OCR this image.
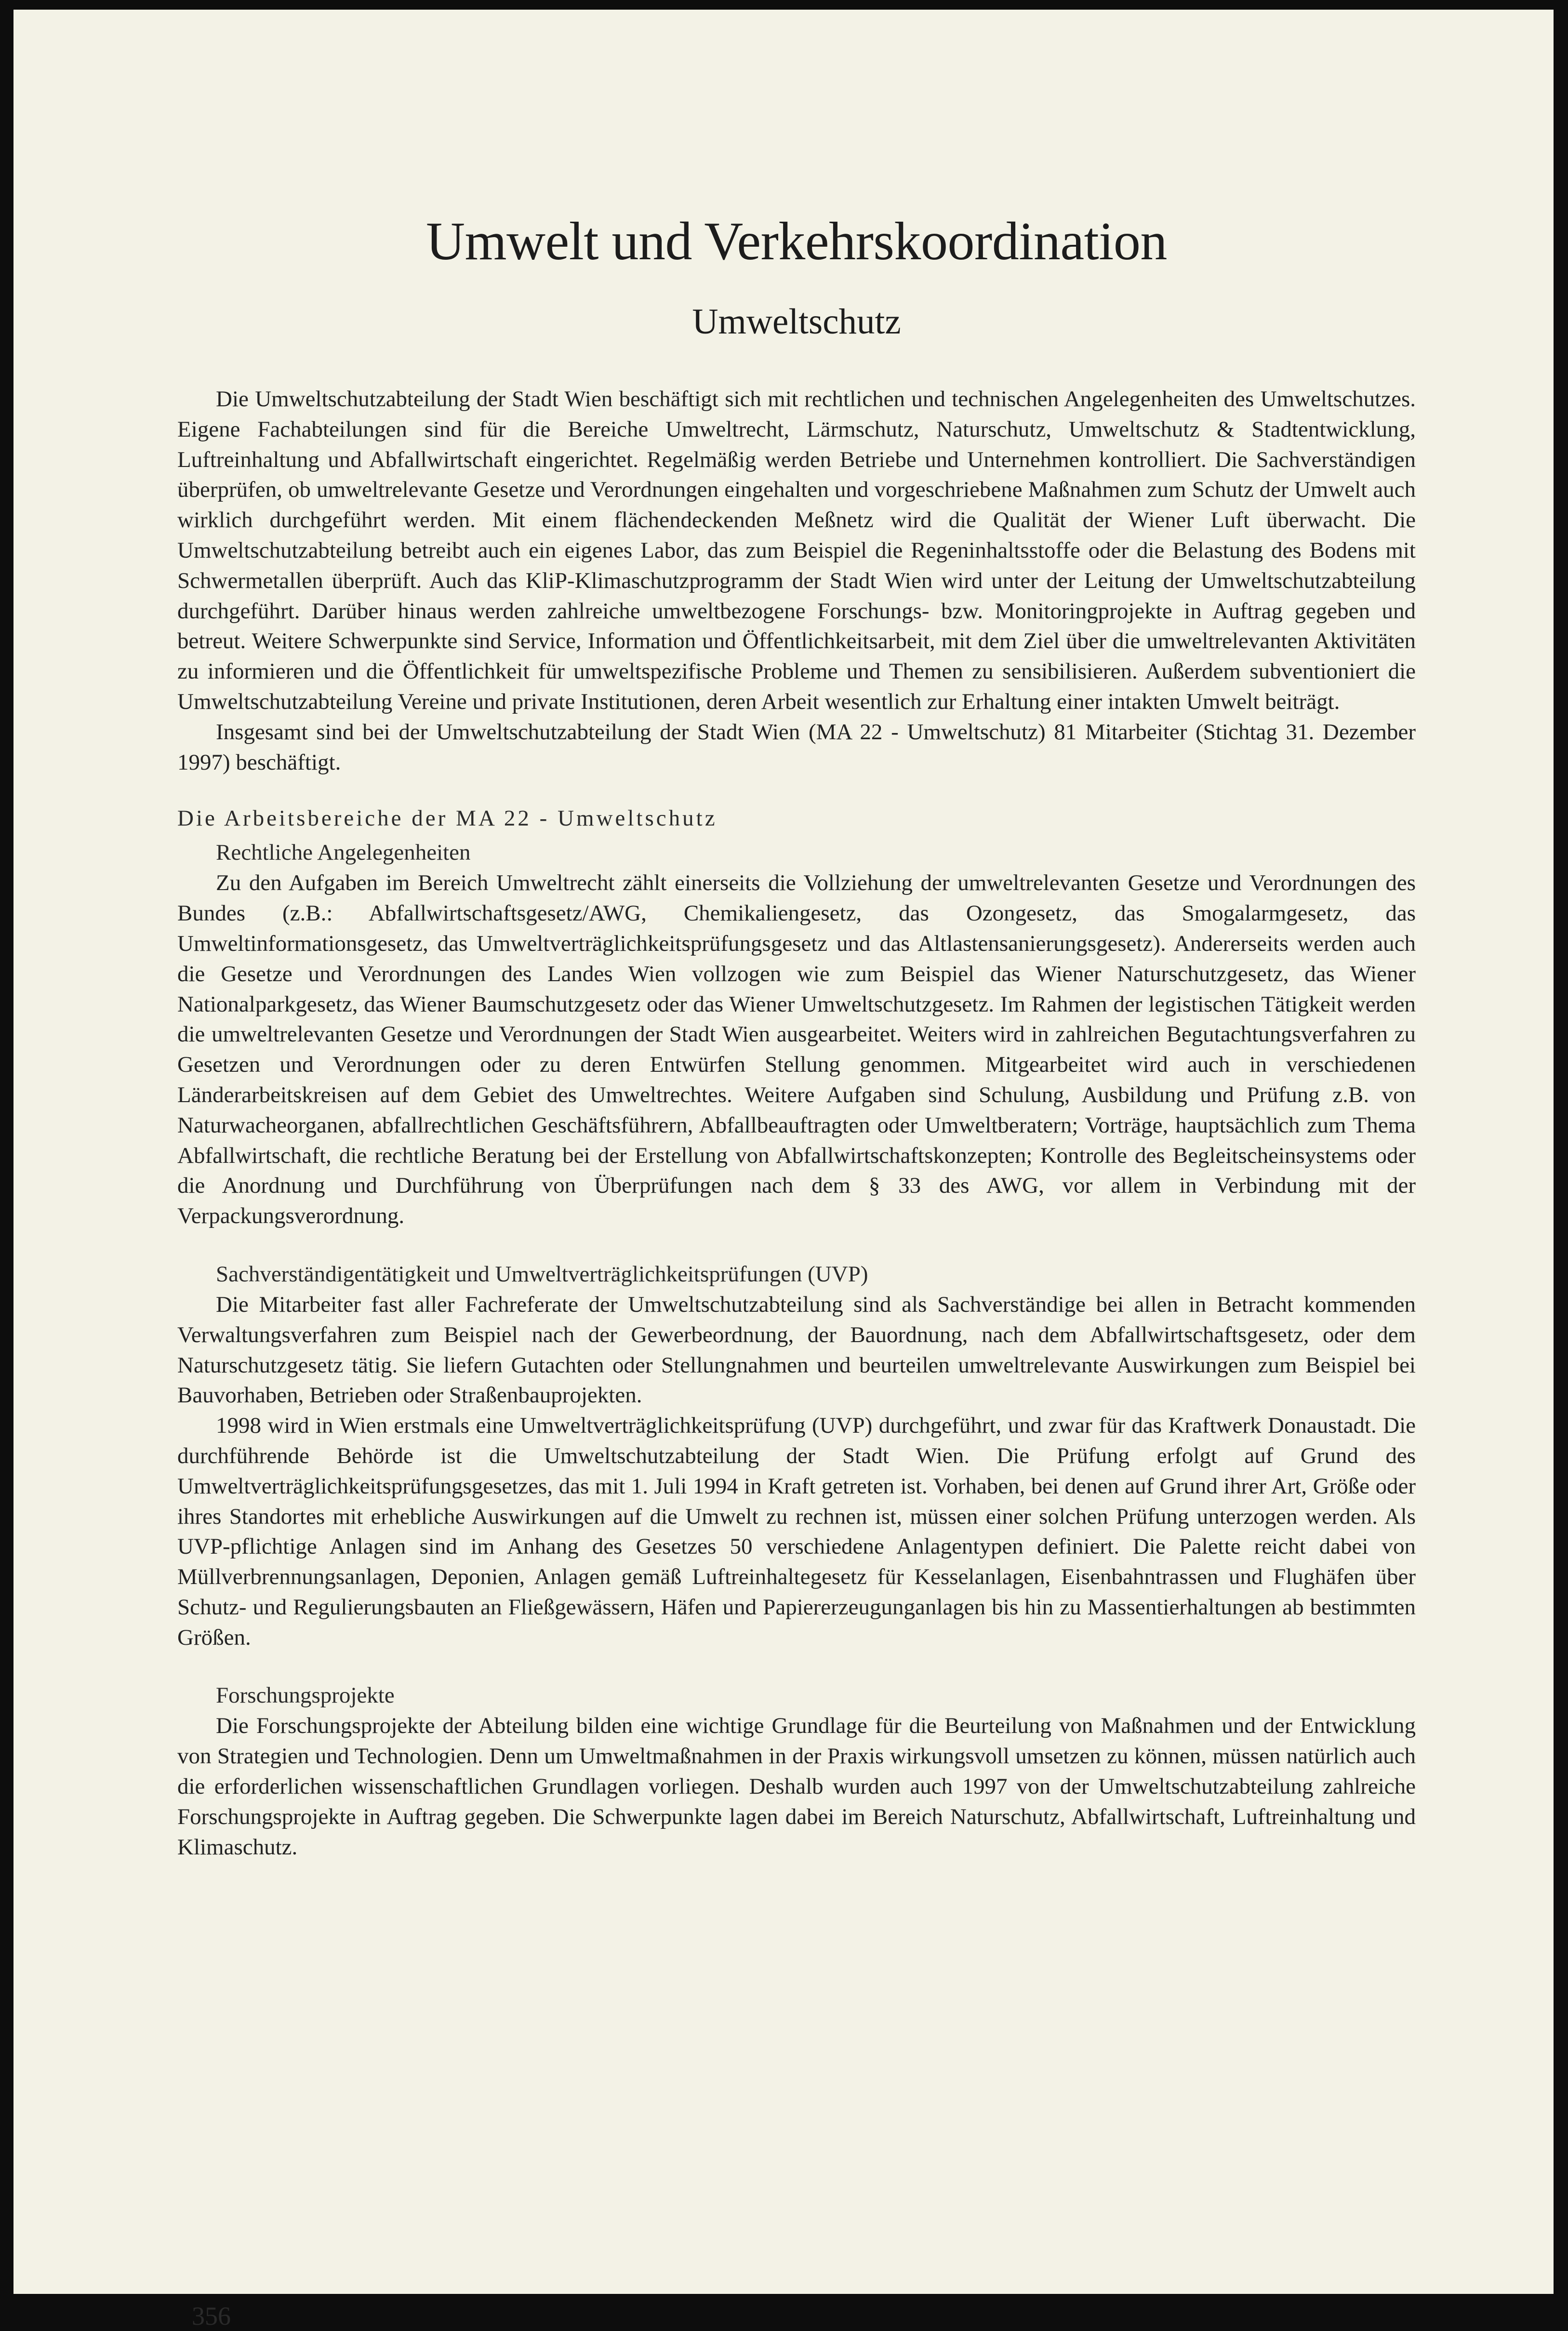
Umwelt und Verkehrskoordination
Umweltschutz

Die Umweltschutzabteilung der Stadt Wien beschäftigt sich mit rechtlichen und technischen Angelegenheiten des Umweltschutzes. Eigene Fachabteilungen sind für die Bereiche Umweltrecht, Lärmschutz, Naturschutz, Umweltschutz & Stadtentwicklung, Luftreinhaltung und Abfallwirtschaft eingerichtet. Regelmäßig werden Betriebe und Unternehmen kontrolliert. Die Sachverständigen überprüfen, ob umweltrelevante Gesetze und Verordnungen eingehalten und vorgeschriebene Maßnahmen zum Schutz der Umwelt auch wirklich durchgeführt werden. Mit einem flächendeckenden Meßnetz wird die Qualität der Wiener Luft überwacht. Die Umweltschutzabteilung betreibt auch ein eigenes Labor, das zum Beispiel die Regeninhaltsstoffe oder die Belastung des Bodens mit Schwermetallen überprüft. Auch das KliP-Klimaschutzprogramm der Stadt Wien wird unter der Leitung der Umweltschutzabteilung durchgeführt. Darüber hinaus werden zahlreiche umweltbezogene Forschungs- bzw. Monitoringprojekte in Auftrag gegeben und betreut. Weitere Schwerpunkte sind Service, Information und Öffentlichkeitsarbeit, mit dem Ziel über die umweltrelevanten Aktivitäten zu informieren und die Öffentlichkeit für umweltspezifische Probleme und Themen zu sensibilisieren. Außerdem subventioniert die Umweltschutzabteilung Vereine und private Institutionen, deren Arbeit wesentlich zur Erhaltung einer intakten Umwelt beiträgt.

Insgesamt sind bei der Umweltschutzabteilung der Stadt Wien (MA 22 - Umweltschutz) 81 Mitarbeiter (Stichtag 31. Dezember 1997) beschäftigt.

Die Arbeitsbereiche der MA 22 - Umweltschutz
Rechtliche Angelegenheiten

Zu den Aufgaben im Bereich Umweltrecht zählt einerseits die Vollziehung der umweltrelevanten Gesetze und Verordnungen des Bundes (z.B.: Abfallwirtschaftsgesetz/AWG, Chemikaliengesetz, das Ozongesetz, das Smogalarmgesetz, das Umweltinformationsgesetz, das Umweltverträglichkeitsprüfungsgesetz und das Altlastensanierungsgesetz). Andererseits werden auch die Gesetze und Verordnungen des Landes Wien vollzogen wie zum Beispiel das Wiener Naturschutzgesetz, das Wiener Nationalparkgesetz, das Wiener Baumschutzgesetz oder das Wiener Umweltschutzgesetz. Im Rahmen der legistischen Tätigkeit werden die umweltrelevanten Gesetze und Verordnungen der Stadt Wien ausgearbeitet. Weiters wird in zahlreichen Begutachtungsverfahren zu Gesetzen und Verordnungen oder zu deren Entwürfen Stellung genommen. Mitgearbeitet wird auch in verschiedenen Länderarbeitskreisen auf dem Gebiet des Umweltrechtes. Weitere Aufgaben sind Schulung, Ausbildung und Prüfung z.B. von Naturwacheorganen, abfallrechtlichen Geschäftsführern, Abfallbeauftragten oder Umweltberatern; Vorträge, hauptsächlich zum Thema Abfallwirtschaft, die rechtliche Beratung bei der Erstellung von Abfallwirtschaftskonzepten; Kontrolle des Begleitscheinsystems oder die Anordnung und Durchführung von Überprüfungen nach dem § 33 des AWG, vor allem in Verbindung mit der Verpackungsverordnung.

Sachverständigentätigkeit und Umweltverträglichkeitsprüfungen (UVP)

Die Mitarbeiter fast aller Fachreferate der Umweltschutzabteilung sind als Sachverständige bei allen in Betracht kommenden Verwaltungsverfahren zum Beispiel nach der Gewerbeordnung, der Bauordnung, nach dem Abfallwirtschaftsgesetz, oder dem Naturschutzgesetz tätig. Sie liefern Gutachten oder Stellungnahmen und beurteilen umweltrelevante Auswirkungen zum Beispiel bei Bauvorhaben, Betrieben oder Straßenbauprojekten.

1998 wird in Wien erstmals eine Umweltverträglichkeitsprüfung (UVP) durchgeführt, und zwar für das Kraftwerk Donaustadt. Die durchführende Behörde ist die Umweltschutzabteilung der Stadt Wien. Die Prüfung erfolgt auf Grund des Umweltverträglichkeitsprüfungsgesetzes, das mit 1. Juli 1994 in Kraft getreten ist. Vorhaben, bei denen auf Grund ihrer Art, Größe oder ihres Standortes mit erhebliche Auswirkungen auf die Umwelt zu rechnen ist, müssen einer solchen Prüfung unterzogen werden. Als UVP-pflichtige Anlagen sind im Anhang des Gesetzes 50 verschiedene Anlagentypen definiert. Die Palette reicht dabei von Müllverbrennungsanlagen, Deponien, Anlagen gemäß Luftreinhaltegesetz für Kesselanlagen, Eisenbahntrassen und Flughäfen über Schutz- und Regulierungsbauten an Fließgewässern, Häfen und Papiererzeugunganlagen bis hin zu Massentierhaltungen ab bestimmten Größen.

Forschungsprojekte

Die Forschungsprojekte der Abteilung bilden eine wichtige Grundlage für die Beurteilung von Maßnahmen und der Entwicklung von Strategien und Technologien. Denn um Umweltmaßnahmen in der Praxis wirkungsvoll umsetzen zu können, müssen natürlich auch die erforderlichen wissenschaftlichen Grundlagen vorliegen. Deshalb wurden auch 1997 von der Umweltschutzabteilung zahlreiche Forschungsprojekte in Auftrag gegeben. Die Schwerpunkte lagen dabei im Bereich Naturschutz, Abfallwirtschaft, Luftreinhaltung und Klimaschutz.

356
